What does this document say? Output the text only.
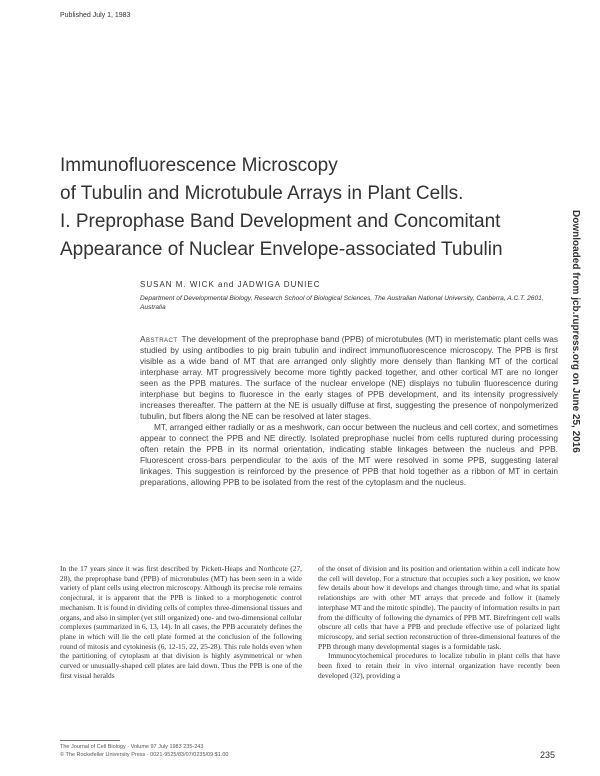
Published July 1, 1983
Downloaded from jcb.rupress.org on June 25, 2016
Immunofluorescence Microscopy
of Tubulin and Microtubule Arrays in Plant Cells.
I. Preprophase Band Development and Concomitant
Appearance of Nuclear Envelope-associated Tubulin
SUSAN M. WICK and JADWIGA DUNIEC
Department of Developmental Biology, Research School of Biological Sciences, The Australian National University, Canberra, A.C.T. 2601, Australia

Abstract The development of the preprophase band (PPB) of microtubules (MT) in meristematic plant cells was studied by using antibodies to pig brain tubulin and indirect immunofluorescence microscopy. The PPB is first visible as a wide band of MT that are arranged only slightly more densely than flanking MT of the cortical interphase array. MT progressively become more tightly packed together, and other cortical MT are no longer seen as the PPB matures. The surface of the nuclear envelope (NE) displays no tubulin fluorescence during interphase but begins to fluoresce in the early stages of PPB development, and its intensity progressively increases thereafter. The pattern at the NE is usually diffuse at first, suggesting the presence of nonpolymerized tubulin, but fibers along the NE can be resolved at later stages.

MT, arranged either radially or as a meshwork, can occur between the nucleus and cell cortex, and sometimes appear to connect the PPB and NE directly. Isolated preprophase nuclei from cells ruptured during processing often retain the PPB in its normal orientation, indicating stable linkages between the nucleus and PPB. Fluorescent cross-bars perpendicular to the axis of the MT were resolved in some PPB, suggesting lateral linkages. This suggestion is reinforced by the presence of PPB that hold together as a ribbon of MT in certain preparations, allowing PPB to be isolated from the rest of the cytoplasm and the nucleus.

In the 17 years since it was first described by Pickett-Heaps and Northcote (27, 28), the preprophase band (PPB) of microtubules (MT) has been seen in a wide variety of plant cells using electron microscopy. Although its precise role remains conjectural, it is apparent that the PPB is linked to a morphogenetic control mechanism. It is found in dividing cells of complex three-dimensional tissues and organs, and also in simpler (yet still organized) one- and two-dimensional cellular complexes (summarized in 6, 13, 14). In all cases, the PPB accurately defines the plane in which will lie the cell plate formed at the conclusion of the following round of mitosis and cytokinesis (6, 12-15, 22, 25-28). This rule holds even when the partitioning of cytoplasm at that division is highly asymmetrical or when curved or unusually-shaped cell plates are laid down. Thus the PPB is one of the first visual heralds

of the onset of division and its position and orientation within a cell indicate how the cell will develop. For a structure that occupies such a key position, we know few details about how it develops and changes through time, and what its spatial relationships are with other MT arrays that precede and follow it (namely interphase MT and the mitotic spindle). The paucity of information results in part from the difficulty of following the dynamics of PPB MT. Birefringent cell walls obscure all cells that have a PPB and preclude effective use of polarized light microscopy, and serial section reconstruction of three-dimensional features of the PPB through many developmental stages is a formidable task.

Immunocytochemical procedures to localize tubulin in plant cells that have been fixed to retain their in vivo internal organization have recently been developed (32), providing a

The Journal of Cell Biology · Volume 97 July 1983 235-243
© The Rockefeller University Press · 0021-9525/83/07/0235/09 $1.00	235
